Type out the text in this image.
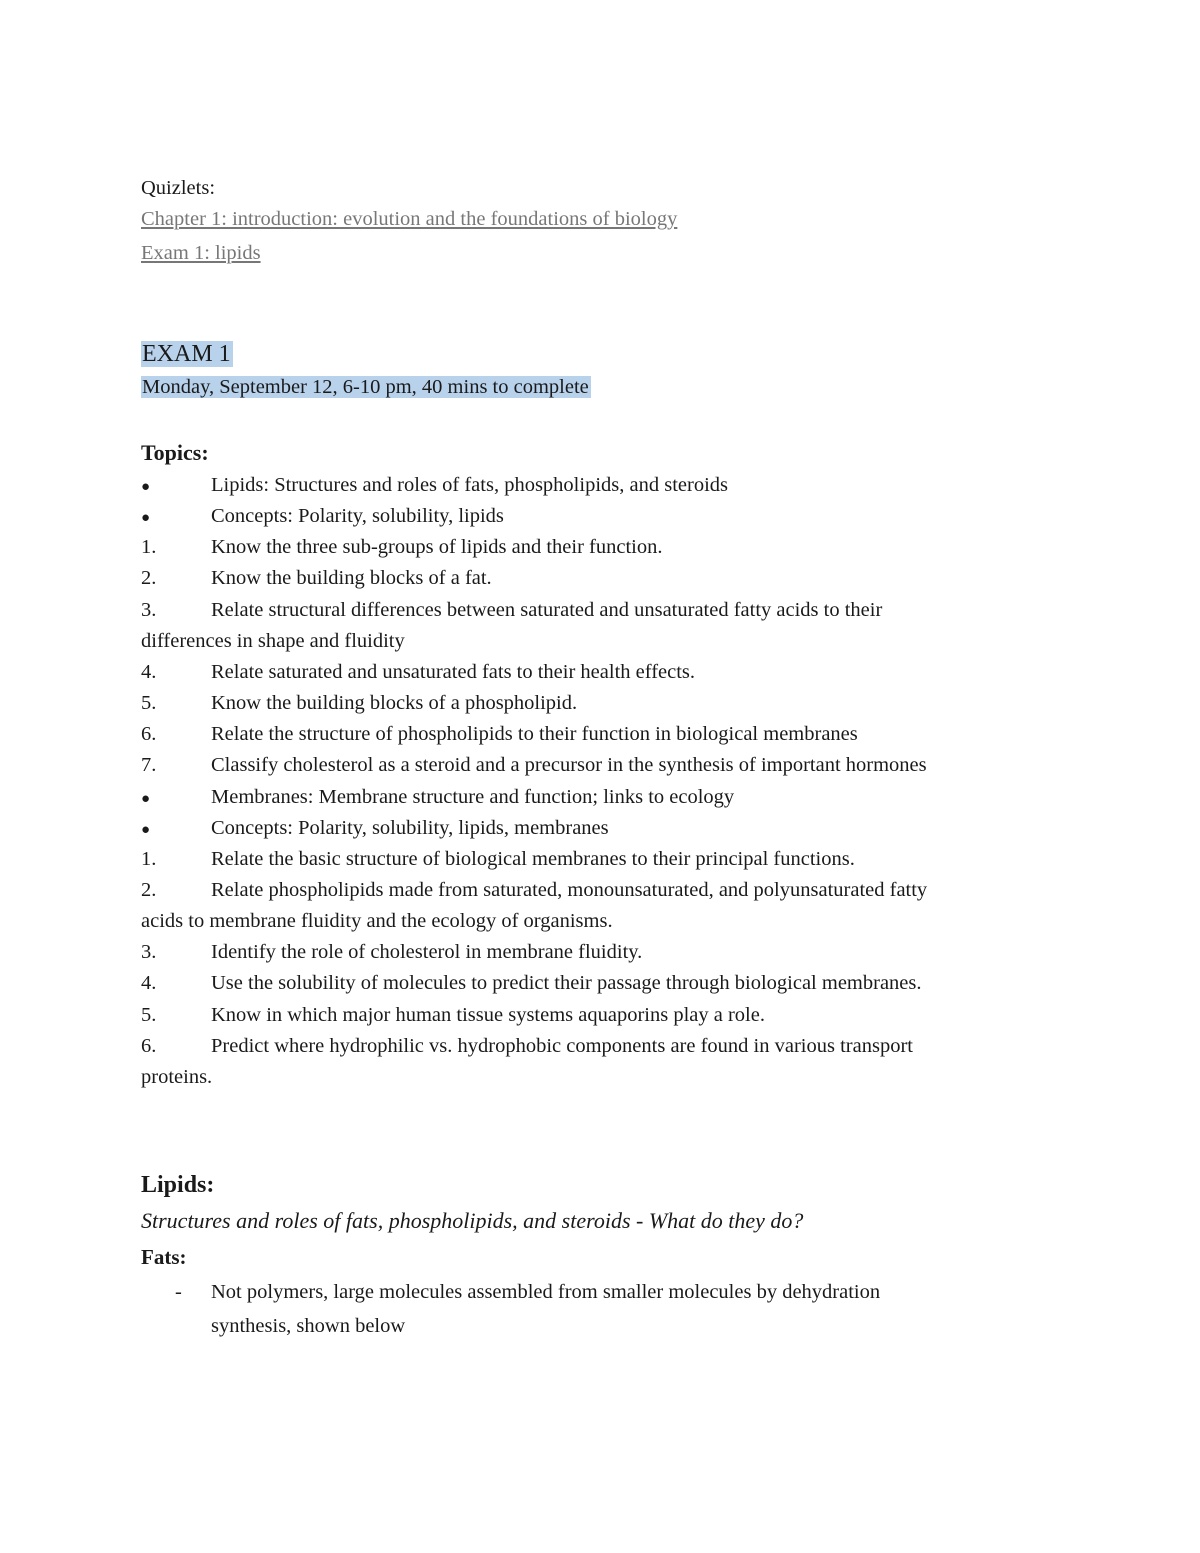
Quizlets:
Chapter 1: introduction: evolution and the foundations of biology
Exam 1: lipids
EXAM 1
Monday, September 12, 6-10 pm, 40 mins to complete
Topics:
●	Lipids: Structures and roles of fats, phospholipids, and steroids
●	Concepts: Polarity, solubility, lipids
1.	Know the three sub-groups of lipids and their function.
2.	Know the building blocks of a fat.
3.	Relate structural differences between saturated and unsaturated fatty acids to their
differences in shape and fluidity
4.	Relate saturated and unsaturated fats to their health effects.
5.	Know the building blocks of a phospholipid.
6.	Relate the structure of phospholipids to their function in biological membranes
7.	Classify cholesterol as a steroid and a precursor in the synthesis of important hormones
●	Membranes: Membrane structure and function; links to ecology
●	Concepts: Polarity, solubility, lipids, membranes
1.	Relate the basic structure of biological membranes to their principal functions.
2.	Relate phospholipids made from saturated, monounsaturated, and polyunsaturated fatty
acids to membrane fluidity and the ecology of organisms.
3.	Identify the role of cholesterol in membrane fluidity.
4.	Use the solubility of molecules to predict their passage through biological membranes.
5.	Know in which major human tissue systems aquaporins play a role.
6.	Predict where hydrophilic vs. hydrophobic components are found in various transport
proteins.
Lipids:
Structures and roles of fats, phospholipids, and steroids - What do they do?
Fats:
- Not polymers, large molecules assembled from smaller molecules by dehydration
synthesis, shown below
